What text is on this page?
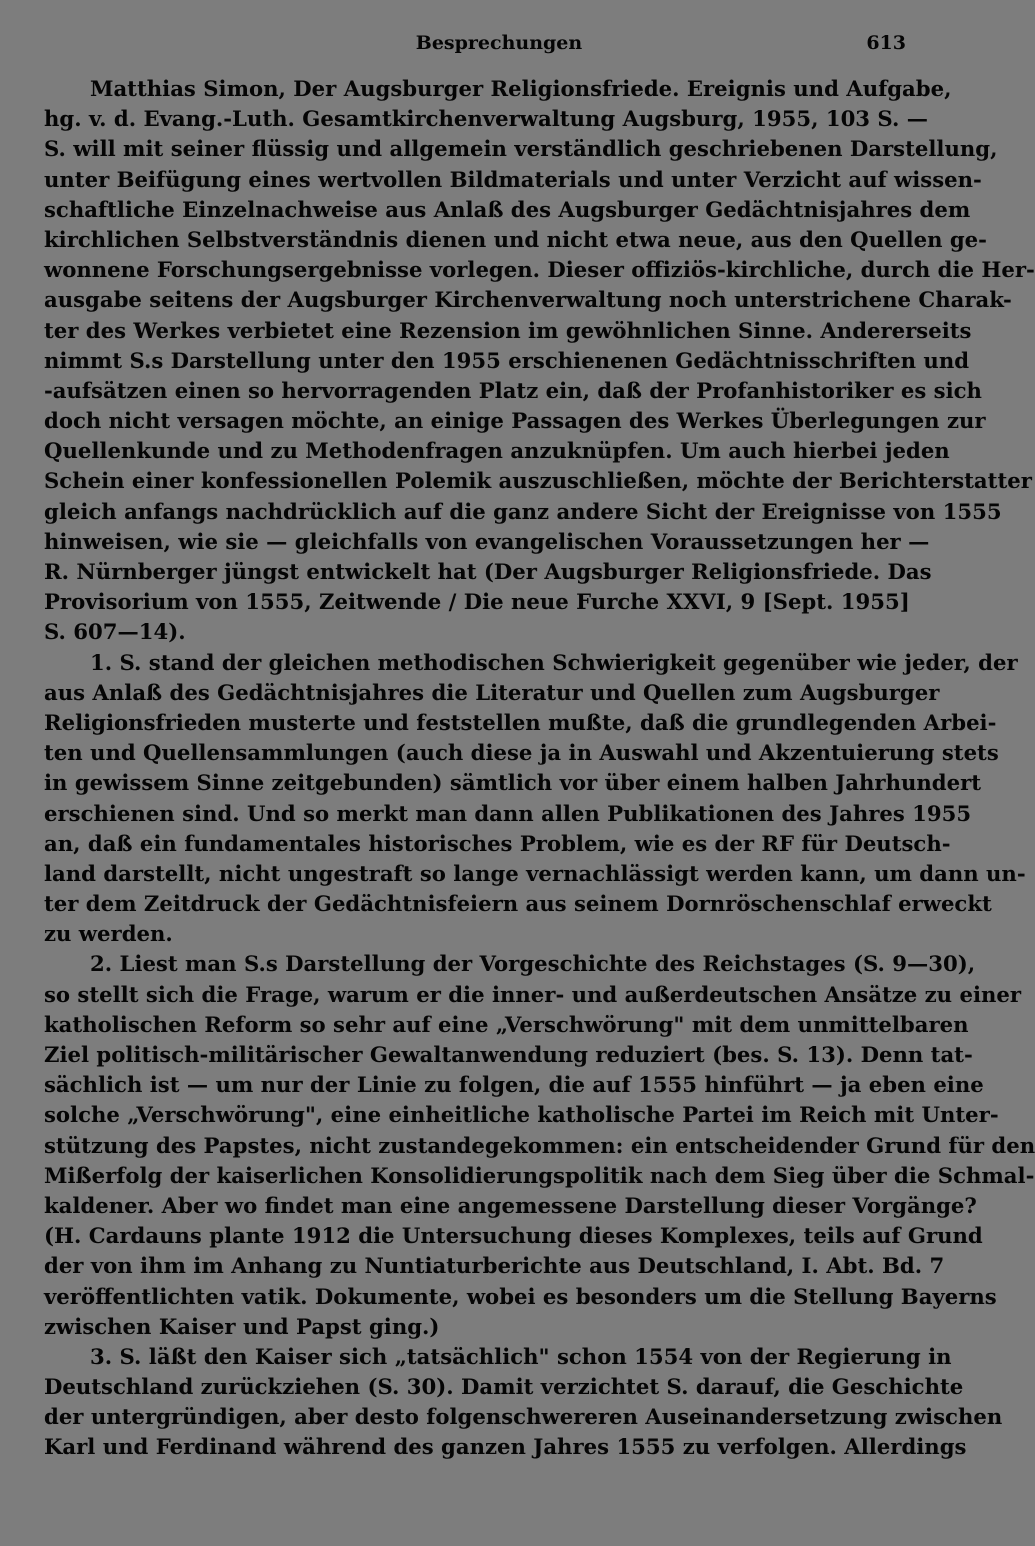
Besprechungen	613
Matthias Simon, Der Augsburger Religionsfriede. Ereignis und Aufgabe,
hg. v. d. Evang.-Luth. Gesamtkirchenverwaltung Augsburg, 1955, 103 S. —
S. will mit seiner flüssig und allgemein verständlich geschriebenen Darstellung,
unter Beifügung eines wertvollen Bildmaterials und unter Verzicht auf wissen-
schaftliche Einzelnachweise aus Anlaß des Augsburger Gedächtnisjahres dem
kirchlichen Selbstverständnis dienen und nicht etwa neue, aus den Quellen ge-
wonnene Forschungsergebnisse vorlegen. Dieser offiziös-kirchliche, durch die Her-
ausgabe seitens der Augsburger Kirchenverwaltung noch unterstrichene Charak-
ter des Werkes verbietet eine Rezension im gewöhnlichen Sinne. Andererseits
nimmt S.s Darstellung unter den 1955 erschienenen Gedächtnisschriften und
-aufsätzen einen so hervorragenden Platz ein, daß der Profanhistoriker es sich
doch nicht versagen möchte, an einige Passagen des Werkes Überlegungen zur
Quellenkunde und zu Methodenfragen anzuknüpfen. Um auch hierbei jeden
Schein einer konfessionellen Polemik auszuschließen, möchte der Berichterstatter
gleich anfangs nachdrücklich auf die ganz andere Sicht der Ereignisse von 1555
hinweisen, wie sie — gleichfalls von evangelischen Voraussetzungen her —
R. Nürnberger jüngst entwickelt hat (Der Augsburger Religionsfriede. Das
Provisorium von 1555, Zeitwende / Die neue Furche XXVI, 9 [Sept. 1955]
S. 607—14).
1. S. stand der gleichen methodischen Schwierigkeit gegenüber wie jeder, der
aus Anlaß des Gedächtnisjahres die Literatur und Quellen zum Augsburger
Religionsfrieden musterte und feststellen mußte, daß die grundlegenden Arbei-
ten und Quellensammlungen (auch diese ja in Auswahl und Akzentuierung stets
in gewissem Sinne zeitgebunden) sämtlich vor über einem halben Jahrhundert
erschienen sind. Und so merkt man dann allen Publikationen des Jahres 1955
an, daß ein fundamentales historisches Problem, wie es der RF für Deutsch-
land darstellt, nicht ungestraft so lange vernachlässigt werden kann, um dann un-
ter dem Zeitdruck der Gedächtnisfeiern aus seinem Dornröschenschlaf erweckt
zu werden.
2. Liest man S.s Darstellung der Vorgeschichte des Reichstages (S. 9—30),
so stellt sich die Frage, warum er die inner- und außerdeutschen Ansätze zu einer
katholischen Reform so sehr auf eine „Verschwörung" mit dem unmittelbaren
Ziel politisch-militärischer Gewaltanwendung reduziert (bes. S. 13). Denn tat-
sächlich ist — um nur der Linie zu folgen, die auf 1555 hinführt — ja eben eine
solche „Verschwörung", eine einheitliche katholische Partei im Reich mit Unter-
stützung des Papstes, nicht zustandegekommen: ein entscheidender Grund für den
Mißerfolg der kaiserlichen Konsolidierungspolitik nach dem Sieg über die Schmal-
kaldener. Aber wo findet man eine angemessene Darstellung dieser Vorgänge?
(H. Cardauns plante 1912 die Untersuchung dieses Komplexes, teils auf Grund
der von ihm im Anhang zu Nuntiaturberichte aus Deutschland, I. Abt. Bd. 7
veröffentlichten vatik. Dokumente, wobei es besonders um die Stellung Bayerns
zwischen Kaiser und Papst ging.)
3. S. läßt den Kaiser sich „tatsächlich" schon 1554 von der Regierung in
Deutschland zurückziehen (S. 30). Damit verzichtet S. darauf, die Geschichte
der untergründigen, aber desto folgenschwereren Auseinandersetzung zwischen
Karl und Ferdinand während des ganzen Jahres 1555 zu verfolgen. Allerdings
